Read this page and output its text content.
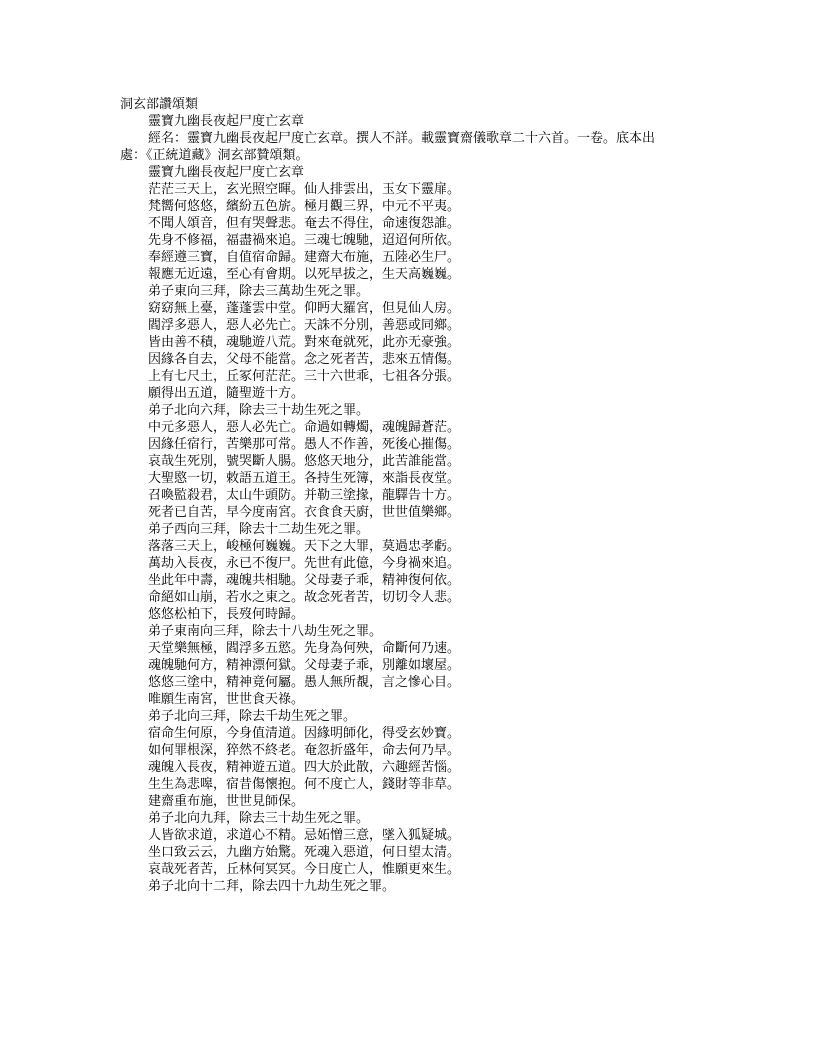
洞玄部讚頌類
靈寶九幽長夜起尸度亡玄章
經名：靈寶九幽長夜起尸度亡玄章。撰人不詳。載靈寶齋儀歌章二十六首。一卷。底本出
處：《正統道藏》洞玄部贊頌類。
靈寶九幽長夜起尸度亡玄章
茫茫三天上，玄光照空暉。仙人排雲出，玉女下靈扉。
梵嚮何悠悠，繽紛五色旂。極月觀三界，中元不平夷。
不聞人頌音，但有哭聲悲。奄去不得住，命速復怨誰。
先身不修福，福盡禍來追。三魂七魄馳，迢迢何所依。
奉經遵三寶，自值宿命歸。建齋大布施，五陸必生尸。
報應无近遠，至心有會期。以死早拔之，生天高巍巍。
弟子東向三拜，除去三萬劫生死之罪。
窈窈無上臺，蓬蓬雲中堂。仰眄大羅宮，但見仙人房。
閻浮多惡人，惡人必先亡。天誅不分別，善惡或同鄉。
皆由善不積，魂馳遊八荒。對來奄就死，此亦无豪強。
因緣各自去，父母不能當。念之死者苦，悲來五情傷。
上有七尺土，丘冢何茫茫。三十六世乖，七祖各分張。
願得出五道，隨聖遊十方。
弟子北向六拜，除去三十劫生死之罪。
中元多惡人，惡人必先亡。命過如轉燭，魂魄歸蒼茫。
因緣任宿行，苦樂那可常。愚人不作善，死後心摧傷。
哀哉生死別，號哭斷人腸。悠悠天地分，此苦誰能當。
大聖愍一切，敕語五道王。各持生死簿，來詣長夜堂。
召喚監殺君，太山牛頭防。并勒三塗掾，龍驛告十方。
死者已自苦，早今度南宮。衣食食天廚，世世值樂鄉。
弟子西向三拜，除去十二劫生死之罪。
落落三天上，峻極何巍巍。天下之大罪，莫過忠孝虧。
萬劫入長夜，永已不復尸。先世有此億，今身禍來追。
坐此年中壽，魂魄共相馳。父母妻子乖，精神復何依。
命絕如山崩，若水之東之。故念死者苦，切切令人悲。
悠悠松柏下，長歿何時歸。
弟子東南向三拜，除去十八劫生死之罪。
天堂樂無極，閻浮多五慾。先身為何殃，命斷何乃速。
魂魄馳何方，精神漂何獄。父母妻子乖，別離如壞屋。
悠悠三塗中，精神竟何屬。愚人無所覩，言之慘心目。
唯願生南宮，世世食天祿。
弟子北向三拜，除去千劫生死之罪。
宿命生何原，今身值清道。因緣明師化，得受玄妙寶。
如何罪根深，猝然不終老。奄忽折盛年，命去何乃早。
魂魄入長夜，精神遊五道。四大於此散，六趣經苦惱。
生生為悲嗥，宿昔傷懷抱。何不度亡人，錢財等非草。
建齋重布施，世世見師保。
弟子北向九拜，除去三十劫生死之罪。
人皆欲求道，求道心不精。忌妬憎三意，墜入狐疑城。
坐口致云云，九幽方始驚。死魂入惡道，何日望太清。
哀哉死者苦，丘林何冥冥。今日度亡人，惟願更來生。
弟子北向十二拜，除去四十九劫生死之罪。
